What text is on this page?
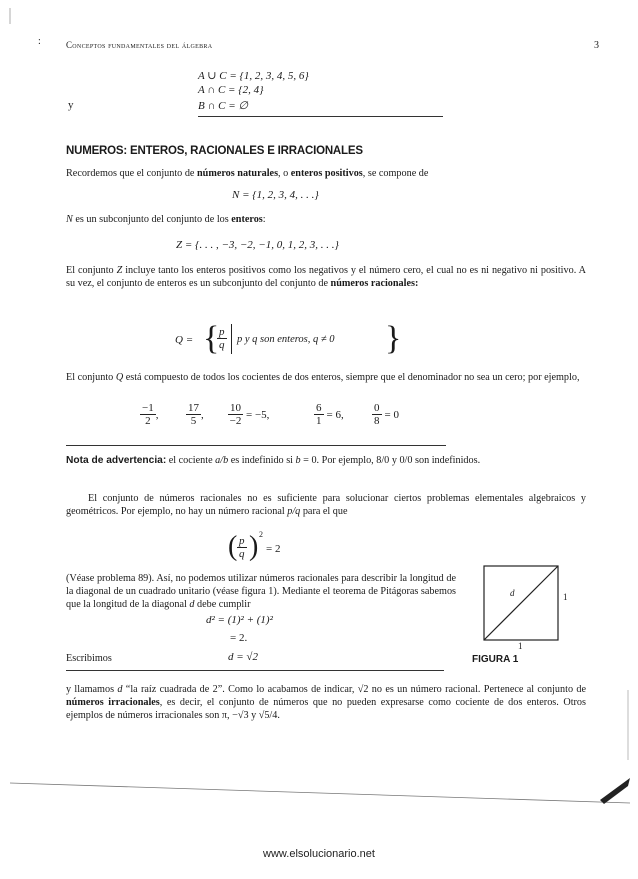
Conceptos fundamentales del álgebra	3
:
A ∪ C = {1, 2, 3, 4, 5, 6}
A ∩ C = {2, 4}
y	B ∩ C = ∅
NUMEROS: ENTEROS, RACIONALES E IRRACIONALES
Recordemos que el conjunto de números naturales, o enteros positivos, se compone de
N = {1, 2, 3, 4, . . .}
N es un subconjunto del conjunto de los enteros:
Z = {. . . , −3, −2, −1, 0, 1, 2, 3, . . .}
El conjunto Z incluye tanto los enteros positivos como los negativos y el número cero, el cual no es ni negativo ni positivo. A su vez, el conjunto de enteros es un subconjunto del conjunto de números racionales:
Q = {
$\frac{p}{q}$ p y q son enteros, q ≠ 0 }
El conjunto Q está compuesto de todos los cocientes de dos enteros, siempre que el denominador no sea un cero; por ejemplo,
$\frac{-1}{2}$ ,	$\frac{17}{5}$ , $\frac{10}{-2} = -5$,	$\frac{6}{1} = 6$,	$\frac{0}{8} = 0$
Nota de advertencia: el cociente a/b es indefinido si b = 0. Por ejemplo, 8/0 y 0/0 son indefinidos.
El conjunto de números racionales no es suficiente para solucionar ciertos problemas elementales algebraicos y geométricos. Por ejemplo, no hay un número racional p/q para el que
( $\frac{p}{q}$ ) 2
= 2
(Véase problema 89). Así, no podemos utilizar números racionales para describir la longitud de la diagonal de un cuadrado unitario (véase figura 1). Mediante el teorema de Pitágoras sabemos que la longitud de la diagonal d debe cumplir
d² = (1)² + (1)²
= 2.
Escribimos	d = √2
d	1
1
FIGURA 1
y llamamos d “la raíz cuadrada de 2”. Como lo acabamos de indicar, √2 no es un número racional. Pertenece al conjunto de números irracionales, es decir, el conjunto de números que no pueden expresarse como cociente de dos enteros. Otros ejemplos de números irracionales son π, −√3 y √5/4.
www.elsolucionario.net
